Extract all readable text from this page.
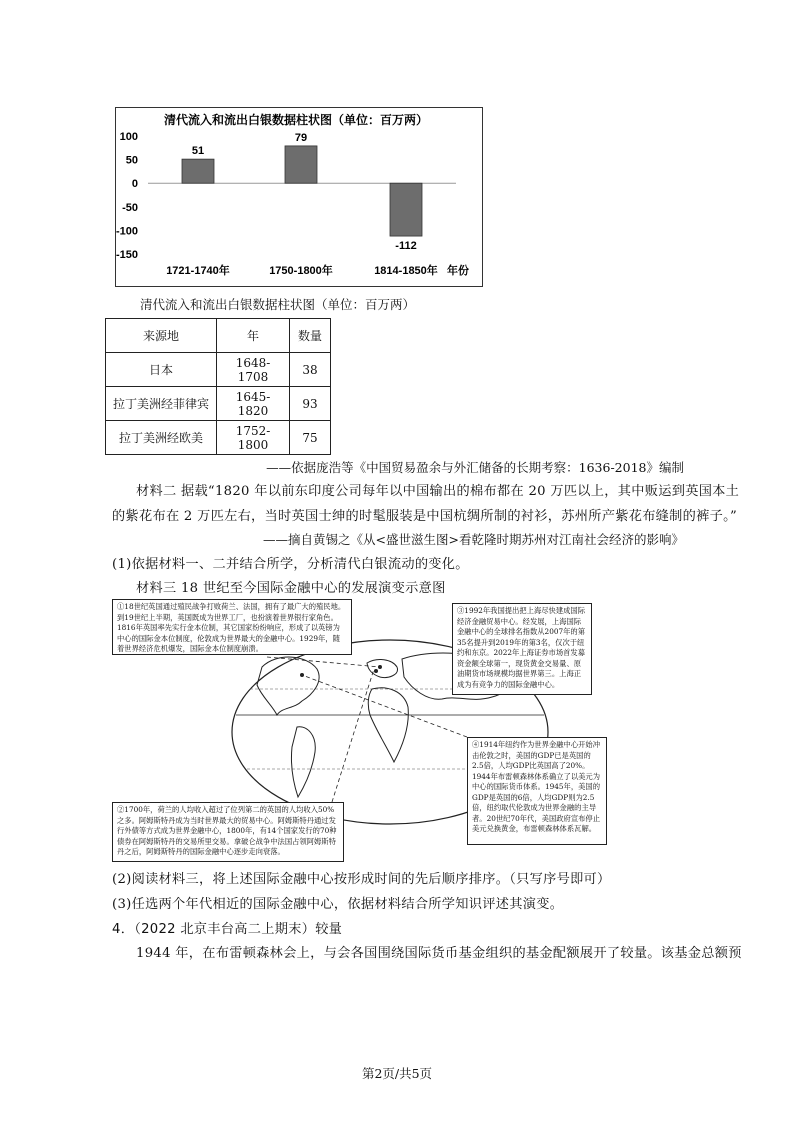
清代流入和流出白银数据柱状图（单位：百万两）
100
50
0
-50
-100
-150
51
1721-1740年
79
1750-1800年
-112
1814-1850年 年份
清代流入和流出白银数据柱状图（单位：百万两）
来源地	年	数量
日本	1648-1708	38
拉丁美洲经菲律宾	1645-1820	93
拉丁美洲经欧美	1752-1800	75
——依据庞浩等《中国贸易盈余与外汇储备的长期考察：1636-2018》编制
材料二 据载“1820 年以前东印度公司每年以中国输出的棉布都在 20 万匹以上，其中贩运到英国本土
的紫花布在 2 万匹左右，当时英国士绅的时髦服装是中国杭绸所制的衬衫，苏州所产紫花布缝制的裤子。”
——摘自黄锡之《从<盛世滋生图>看乾隆时期苏州对江南社会经济的影响》
(1)依据材料一、二并结合所学，分析清代白银流动的变化。
材料三 18 世纪至今国际金融中心的发展演变示意图
①18世纪英国通过殖民战争打败荷兰、法国，拥有了最广大的殖民地。到19世纪上半期，英国既成为世界工厂，也扮演着世界银行家角色。1816年英国率先实行金本位制，其它国家纷纷响应，形成了以英镑为中心的国际金本位制度，伦敦成为世界最大的金融中心。1929年，随着世界经济危机爆发，国际金本位制度崩溃。
②1700年，荷兰的人均收入超过了位列第二的英国的人均收入50%之多。阿姆斯特丹成为当时世界最大的贸易中心。阿姆斯特丹通过发行外债等方式成为世界金融中心，1800年，有14个国家发行的70种债券在阿姆斯特丹的交易所里交易。拿破仑战争中法国占领阿姆斯特丹之后，阿姆斯特丹的国际金融中心逐步走向衰落。
③1992年我国提出把上海尽快建成国际经济金融贸易中心。经发展，上海国际金融中心的全球排名指数从2007年的第35名提升到2019年的第3名，仅次于纽约和东京。2022年上海证券市场首发募资金额全球第一，现货黄金交易量、原油期货市场规模均据世界第三。上海正成为有竞争力的国际金融中心。
④1914年纽约作为世界金融中心开始冲击伦敦之时，美国的GDP已是英国的2.5倍，人均GDP比英国高了20%。1944年布雷顿森林体系确立了以美元为中心的国际货币体系。1945年，美国的GDP是英国的6倍，人均GDP则为2.5倍，纽约取代伦敦成为世界金融的主导者。20世纪70年代，美国政府宣布停止美元兑换黄金，布雷顿森林体系瓦解。
(2)阅读材料三，将上述国际金融中心按形成时间的先后顺序排序。（只写序号即可）
(3)任选两个年代相近的国际金融中心，依据材料结合所学知识评述其演变。
4．（2022 北京丰台高二上期末）较量
1944 年，在布雷顿森林会上，与会各国围绕国际货币基金组织的基金配额展开了较量。该基金总额预
第2页/共5页
